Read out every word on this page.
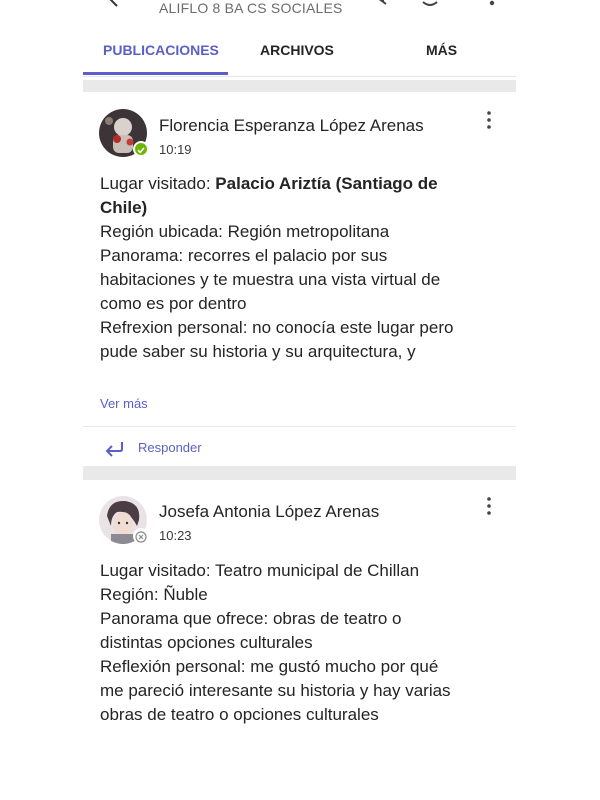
ALIFLO 8 BA CS SOCIALES
PUBLICACIONES	ARCHIVOS	MÁS
Florencia Esperanza López Arenas
10:19
Lugar visitado: Palacio Ariztía (Santiago de
Chile)
Región ubicada: Región metropolitana
Panorama: recorres el palacio por sus
habitaciones y te muestra una vista virtual de
como es por dentro
Refrexion personal: no conocía este lugar pero
pude saber su historia y su arquitectura, y
Ver más
Responder
Josefa Antonia López Arenas
10:23
Lugar visitado: Teatro municipal de Chillan
Región: Ñuble
Panorama que ofrece: obras de teatro o
distintas opciones culturales
Reflexión personal: me gustó mucho por qué
me pareció interesante su historia y hay varias
obras de teatro o opciones culturales
